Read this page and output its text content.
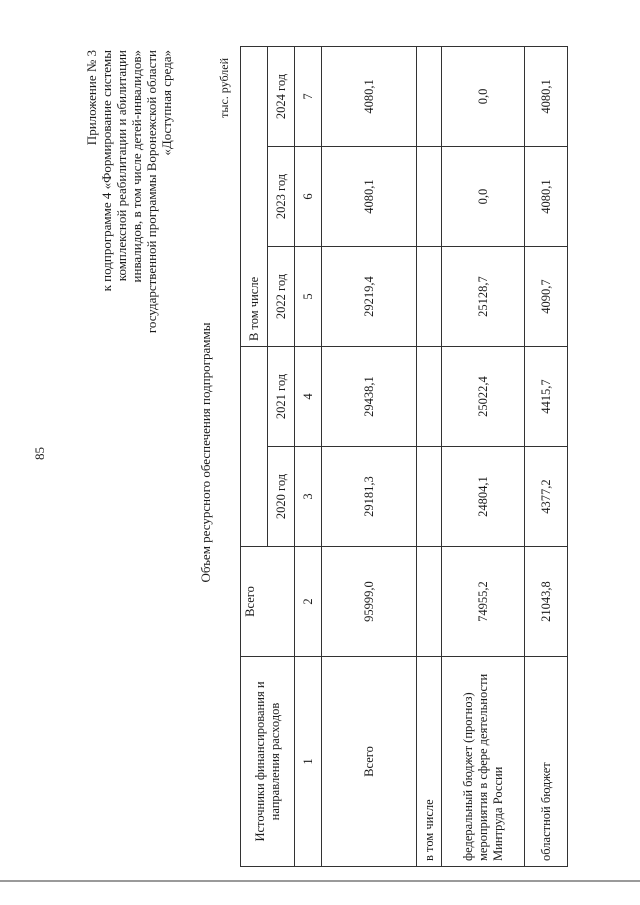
85
Приложение № 3 к подпрограмме 4 «Формирование системы комплексной реабилитации и абилитации инвалидов, в том числе детей-инвалидов» государственной программы Воронежской области «Доступная среда»
Объем ресурсного обеспечения подпрограммы
тыс. рублей
Источники финансирования и направления расходов	Всего			В том числе		
		2020 год	2021 год	2022 год	2023 год	2024 год
1	2	3	4	5	6	7
Всего	95999,0	29181,3	29438,1	29219,4	4080,1	4080,1
в том числе						
федеральный бюджет (прогноз) мероприятия в сфере деятельности Минтруда России	74955,2	24804,1	25022,4	25128,7	0,0	0,0
областной бюджет	21043,8	4377,2	4415,7	4090,7	4080,1	4080,1
